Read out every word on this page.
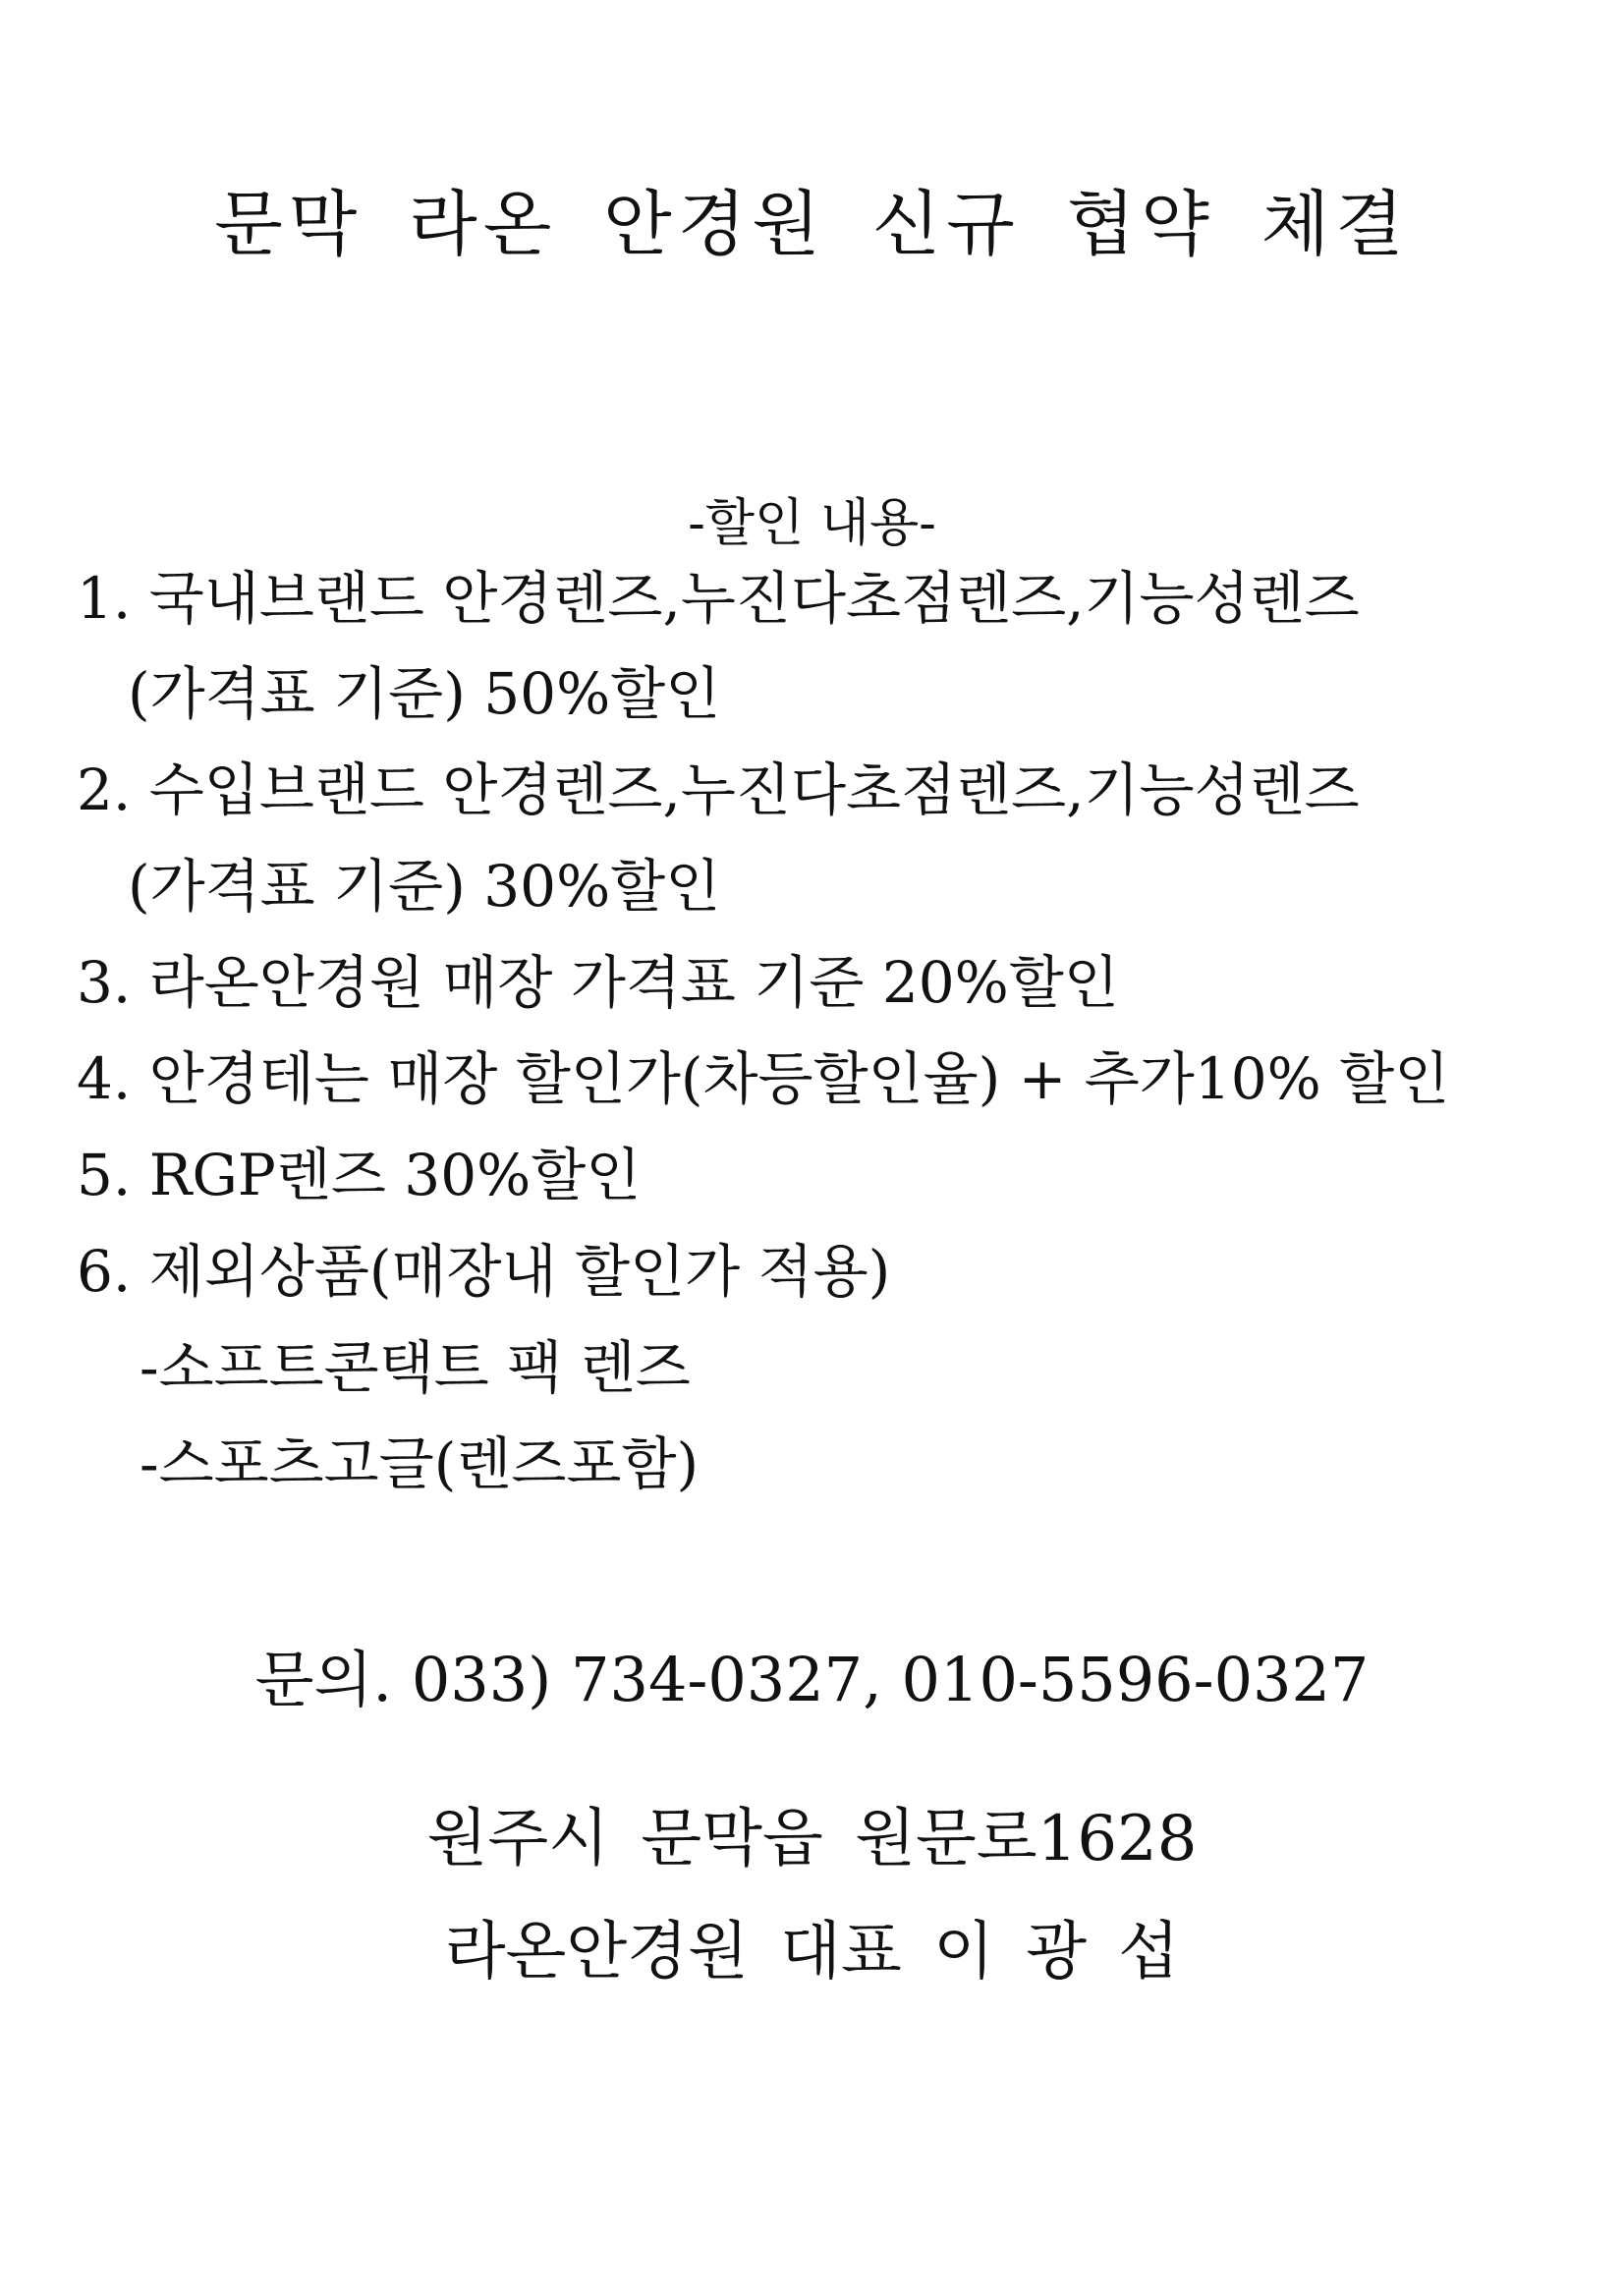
문막 라온 안경원 신규 협약 체결
-할인 내용-
1. 국내브랜드 안경렌즈,누진다초점렌즈,기능성렌즈
(가격표 기준) 50%할인
2. 수입브랜드 안경렌즈,누진다초점렌즈,기능성렌즈
(가격표 기준) 30%할인
3. 라온안경원 매장 가격표 기준 20%할인
4. 안경테는 매장 할인가(차등할인율) + 추가10% 할인
5. RGP렌즈 30%할인
6. 제외상품(매장내 할인가 적용)
-소프트콘택트 팩 렌즈
-스포츠고글(렌즈포함)
문의. 033) 734-0327, 010-5596-0327
원주시 문막읍 원문로1628
라온안경원 대표 이 광 섭
